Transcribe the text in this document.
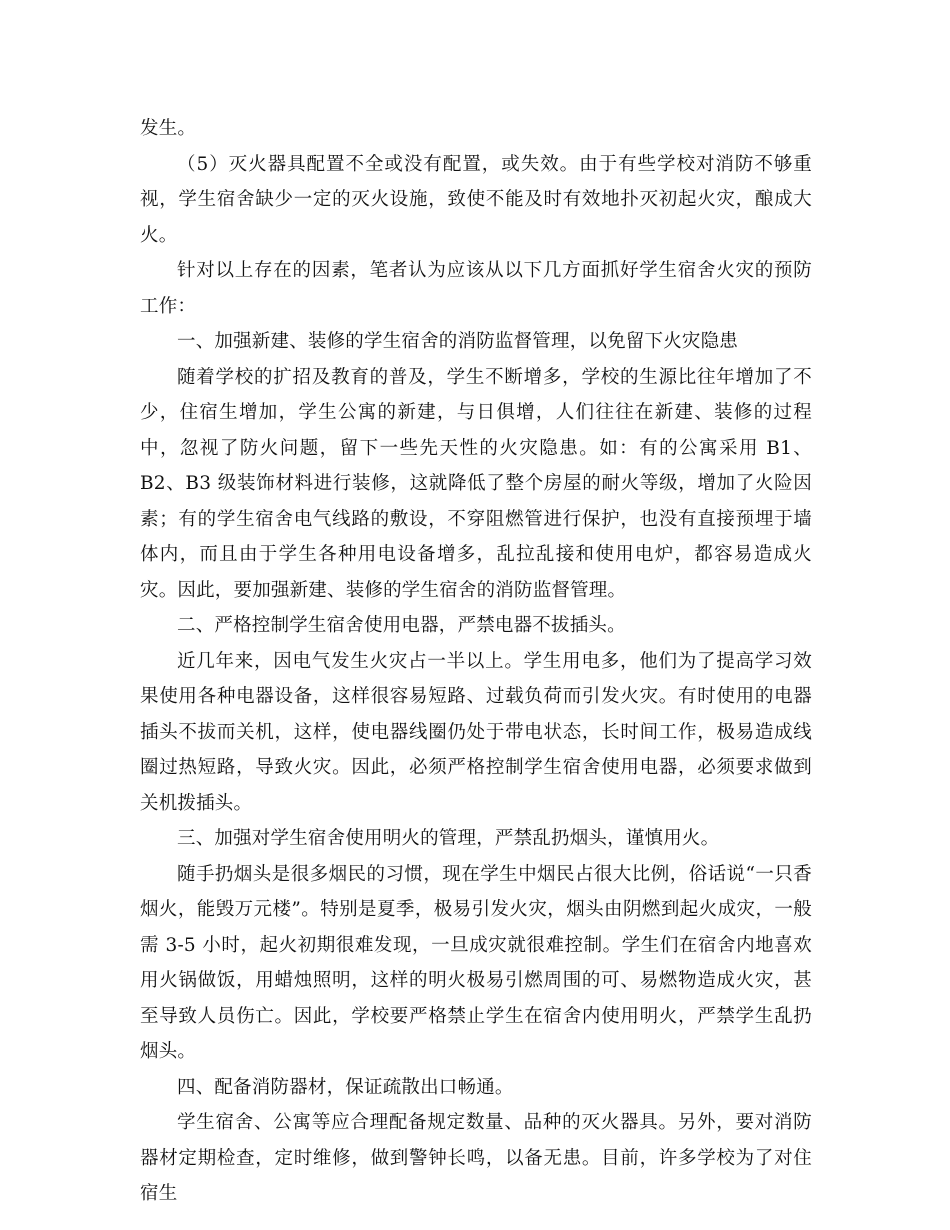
发生。

（5）灭火器具配置不全或没有配置，或失效。由于有些学校对消防不够重视，学生宿舍缺少一定的灭火设施，致使不能及时有效地扑灭初起火灾，酿成大火。

针对以上存在的因素，笔者认为应该从以下几方面抓好学生宿舍火灾的预防工作：

一、加强新建、装修的学生宿舍的消防监督管理，以免留下火灾隐患

随着学校的扩招及教育的普及，学生不断增多，学校的生源比往年增加了不少，住宿生增加，学生公寓的新建，与日俱增，人们往往在新建、装修的过程中，忽视了防火问题，留下一些先天性的火灾隐患。如：有的公寓采用 B1、B2、B3 级装饰材料进行装修，这就降低了整个房屋的耐火等级，增加了火险因素；有的学生宿舍电气线路的敷设，不穿阻燃管进行保护，也没有直接预埋于墙体内，而且由于学生各种用电设备增多，乱拉乱接和使用电炉，都容易造成火灾。因此，要加强新建、装修的学生宿舍的消防监督管理。

二、严格控制学生宿舍使用电器，严禁电器不拔插头。

近几年来，因电气发生火灾占一半以上。学生用电多，他们为了提高学习效果使用各种电器设备，这样很容易短路、过载负荷而引发火灾。有时使用的电器插头不拔而关机，这样，使电器线圈仍处于带电状态，长时间工作，极易造成线圈过热短路，导致火灾。因此，必须严格控制学生宿舍使用电器，必须要求做到关机拨插头。

三、加强对学生宿舍使用明火的管理，严禁乱扔烟头，谨慎用火。

随手扔烟头是很多烟民的习惯，现在学生中烟民占很大比例，俗话说“一只香烟火，能毁万元楼”。特别是夏季，极易引发火灾，烟头由阴燃到起火成灾，一般需 3-5 小时，起火初期很难发现，一旦成灾就很难控制。学生们在宿舍内地喜欢用火锅做饭，用蜡烛照明，这样的明火极易引燃周围的可、易燃物造成火灾，甚至导致人员伤亡。因此，学校要严格禁止学生在宿舍内使用明火，严禁学生乱扔烟头。

四、配备消防器材，保证疏散出口畅通。

学生宿舍、公寓等应合理配备规定数量、品种的灭火器具。另外，要对消防器材定期检查，定时维修，做到警钟长鸣，以备无患。目前，许多学校为了对住宿生
